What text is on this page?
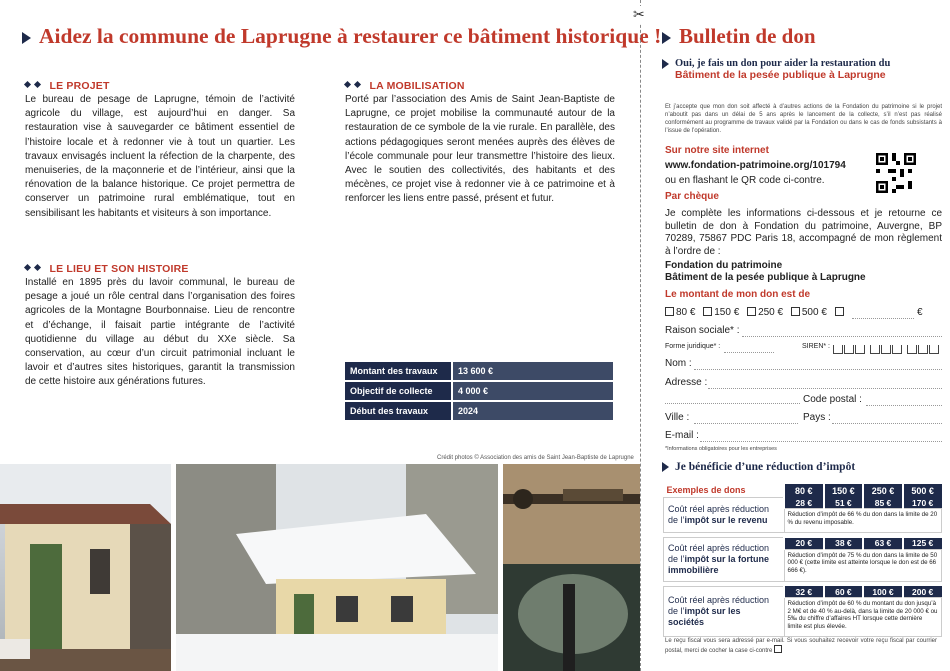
Aidez la commune de Laprugne à restaurer ce bâtiment historique !
LE PROJET
Le bureau de pesage de Laprugne, témoin de l’activité agricole du village, est aujourd’hui en danger. Sa restauration vise à sauvegarder ce bâtiment essentiel de l’histoire locale et à redonner vie à tout un quartier. Les travaux envisagés incluent la réfection de la charpente, des menuiseries, de la maçonnerie et de l’intérieur, ainsi que la rénovation de la balance historique. Ce projet permettra de conserver un patrimoine rural emblématique, tout en sensibilisant les habitants et visiteurs à son importance.
LE LIEU ET SON HISTOIRE
Installé en 1895 près du lavoir communal, le bureau de pesage a joué un rôle central dans l’organisation des foires agricoles de la Montagne Bourbonnaise. Lieu de rencontre et d’échange, il faisait partie intégrante de l’activité quotidienne du village au début du XXe siècle. Sa conservation, au cœur d’un circuit patrimonial incluant le lavoir et d’autres sites historiques, garantit la transmission de cette histoire aux générations futures.
LA MOBILISATION
Porté par l’association des Amis de Saint Jean-Baptiste de Laprugne, ce projet mobilise la communauté autour de la restauration de ce symbole de la vie rurale. En parallèle, des actions pédagogiques seront menées auprès des élèves de l’école communale pour leur transmettre l’histoire des lieux. Avec le soutien des collectivités, des habitants et des mécènes, ce projet vise à redonner vie à ce patrimoine et à renforcer les liens entre passé, présent et futur.
Montant des travaux	13 600 €
Objectif de collecte	4 000 €
Début des travaux	2024
Crédit photos © Association des amis de Saint Jean-Baptiste de Laprugne
✂
Bulletin de don
Oui, je fais un don pour aider la restauration du
Bâtiment de la pesée publique à Laprugne
Et j’accepte que mon don soit affecté à d’autres actions de la Fondation du patrimoine si le projet n’aboutit pas dans un délai de 5 ans après le lancement de la collecte, s’il n’est pas réalisé conformément au programme de travaux validé par la Fondation ou dans le cas de fonds subsistants à l’issue de l’opération.
Sur notre site internet
www.fondation-patrimoine.org/101794
ou en flashant le QR code ci-contre.
Par chèque
Je complète les informations ci-dessous et je retourne ce bulletin de don à Fondation du patrimoine, Auvergne, BP 70289, 75867 PDC Paris 18, accompagné de mon règlement à l’ordre de :
Fondation du patrimoine
Bâtiment de la pesée publique à Laprugne
Le montant de mon don est de
80 € 150 € 250 € 500 €	€
Raison sociale* :
Forme juridique* :	SIREN* :
Nom :
Adresse :
Code postal :
Ville :	Pays :
E-mail :
*Informations obligatoires pour les entreprises
Je bénéficie d’une réduction d’impôt
Exemples de dons	80 €	150 €	250 €	500 €
Coût réel après réduction de l’impôt sur le revenu	28 €	51 €	85 €	170 €
	Réduction d’impôt de 66 % du don dans la limite de 20 % du revenu imposable.			

Coût réel après réduction de l’impôt sur la fortune immobilière	20 €	38 €	63 €	125 €
	Réduction d’impôt de 75 % du don dans la limite de 50 000 € (cette limite est atteinte lorsque le don est de 66 666 €).			

Coût réel après réduction de l’impôt sur les sociétés	32 €	60 €	100 €	200 €
	Réduction d’impôt de 60 % du montant du don jusqu’à 2 M€ et de 40 % au-delà, dans la limite de 20 000 € ou 5‰ du chiffre d’affaires HT lorsque cette dernière limite est plus élevée.			
Le reçu fiscal vous sera adressé par e-mail. Si vous souhaitez recevoir votre reçu fiscal par courrier postal, merci de cocher la case ci-contre
